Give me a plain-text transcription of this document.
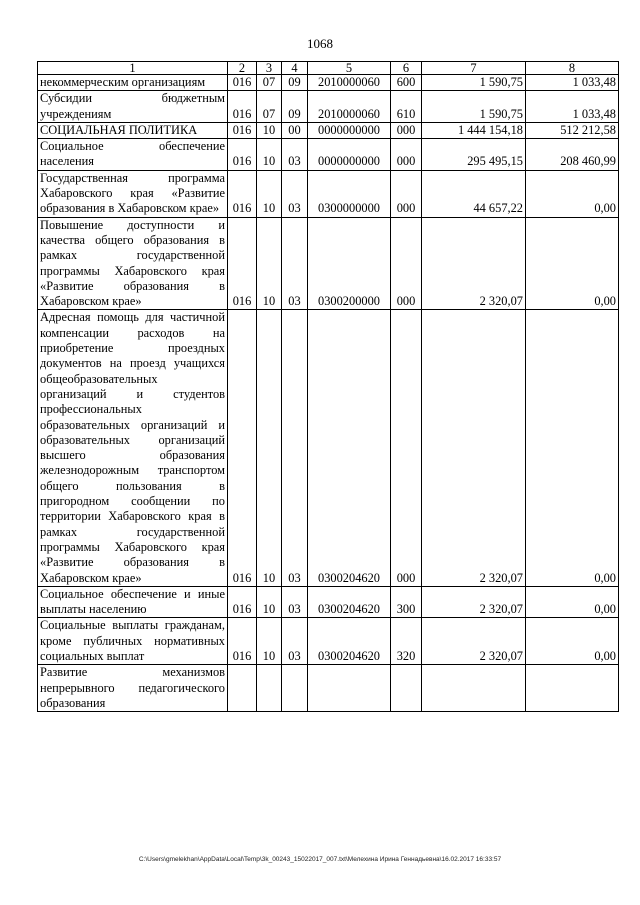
1068
1	2	3	4	5	6	7	8
некоммерческим организациям	016	07	09	2010000060	600	1 590,75	1 033,48
Субсидии бюджетным учреждениям	016	07	09	2010000060	610	1 590,75	1 033,48
СОЦИАЛЬНАЯ ПОЛИТИКА	016	10	00	0000000000	000	1 444 154,18	512 212,58
Социальное обеспечение населения	016	10	03	0000000000	000	295 495,15	208 460,99
Государственная программа Хабаровского края «Развитие образования в Хабаровском крае»	016	10	03	0300000000	000	44 657,22	0,00
Повышение доступности и качества общего образования в рамках государственной программы Хабаровского края «Развитие образования в Хабаровском крае»	016	10	03	0300200000	000	2 320,07	0,00
Адресная помощь для частичной компенсации расходов на приобретение проездных документов на проезд учащихся общеобразовательных организаций и студентов профессиональных образовательных организаций и образовательных организаций высшего образования железнодорожным транспортом общего пользования в пригородном сообщении по территории Хабаровского края в рамках государственной программы Хабаровского края «Развитие образования в Хабаровском крае»	016	10	03	0300204620	000	2 320,07	0,00
Социальное обеспечение и иные выплаты населению	016	10	03	0300204620	300	2 320,07	0,00
Социальные выплаты гражданам, кроме публичных нормативных социальных выплат	016	10	03	0300204620	320	2 320,07	0,00
Развитие механизмов непрерывного педагогического образования							
C:\Users\gmelekhan\AppData\Local\Temp\3k_00243_15022017_007.txt\Мелехина Ирина Геннадьевна\16.02.2017 16:33:57
